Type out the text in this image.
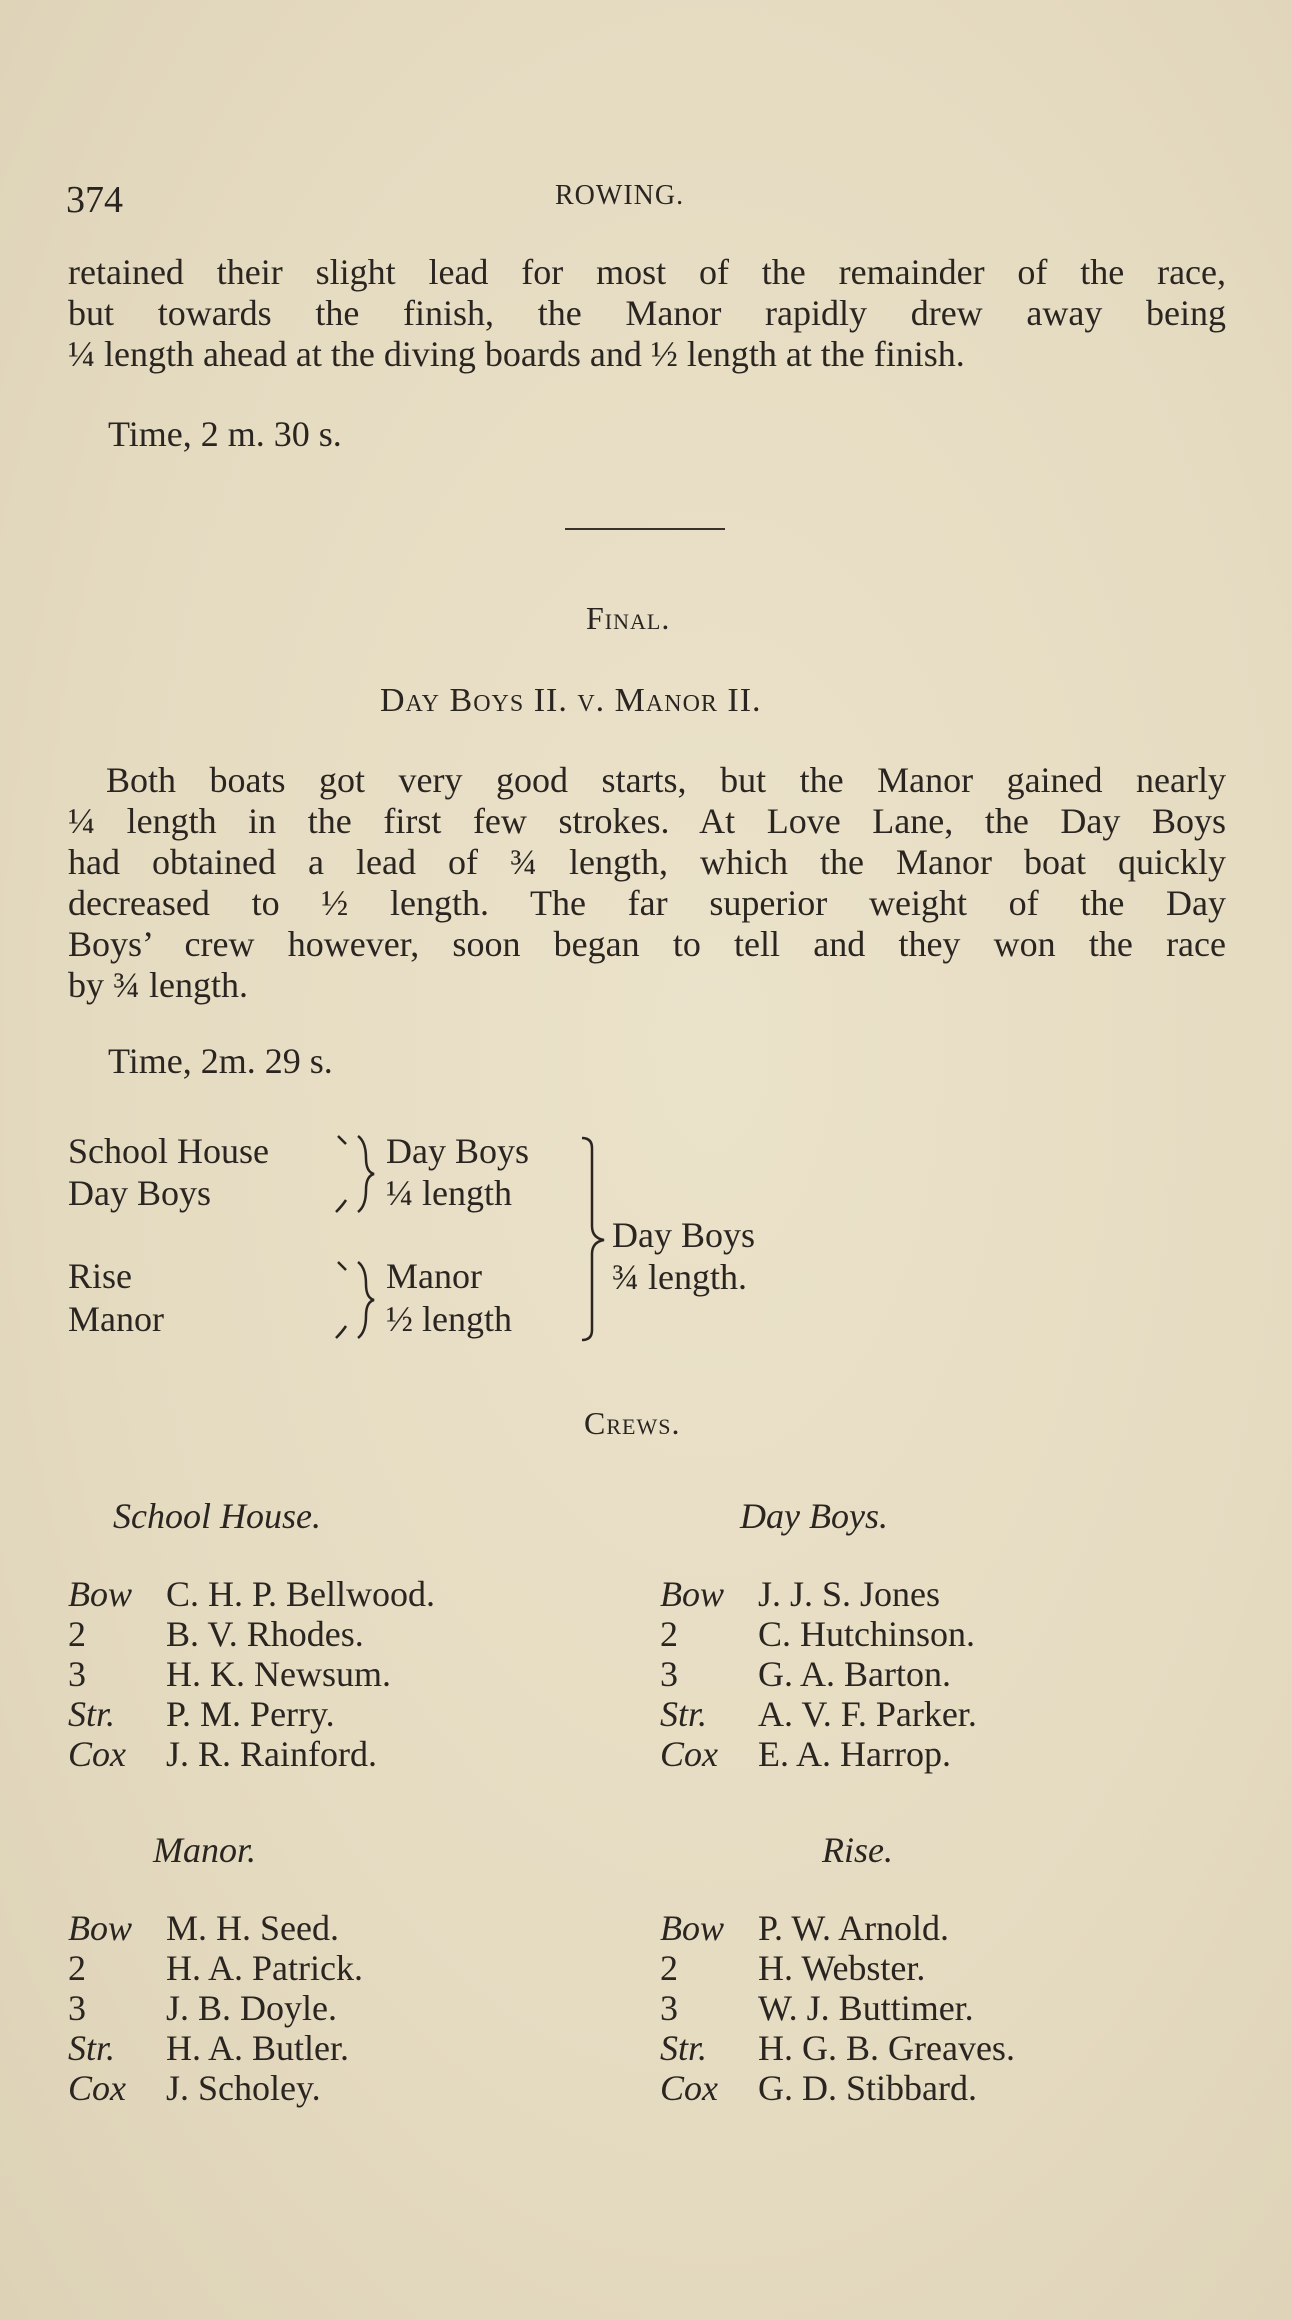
374	ROWING.
retained their slight lead for most of the remainder of the race,
but towards the finish, the Manor rapidly drew away being
¼ length ahead at the diving boards and ½ length at the finish.
Time, 2 m. 30 s.
Final.
Day Boys II. v. Manor II.
Both boats got very good starts, but the Manor gained nearly
¼ length in the first few strokes. At Love Lane, the Day Boys
had obtained a lead of ¾ length, which the Manor boat quickly
decreased to ½ length. The far superior weight of the Day
Boys’ crew however, soon began to tell and they won the race
by ¾ length.
Time, 2m. 29 s.
School House
Day Boys
Day Boys
¼ length
Rise
Manor
Manor
½ length
Day Boys
¾ length.
Crews.
School House.	Day Boys.
Bow C. H. P. Bellwood.
2	B. V. Rhodes.
3	H. K. Newsum.
Str.	P. M. Perry.
Cox	J. R. Rainford.
Bow J. J. S. Jones
2	C. Hutchinson.
3	G. A. Barton.
Str.	A. V. F. Parker.
Cox	E. A. Harrop.
Manor.	Rise.
Bow M. H. Seed.
2	H. A. Patrick.
3	J. B. Doyle.
Str.	H. A. Butler.
Cox	J. Scholey.
Bow P. W. Arnold.
2	H. Webster.
3	W. J. Buttimer.
Str.	H. G. B. Greaves.
Cox	G. D. Stibbard.
